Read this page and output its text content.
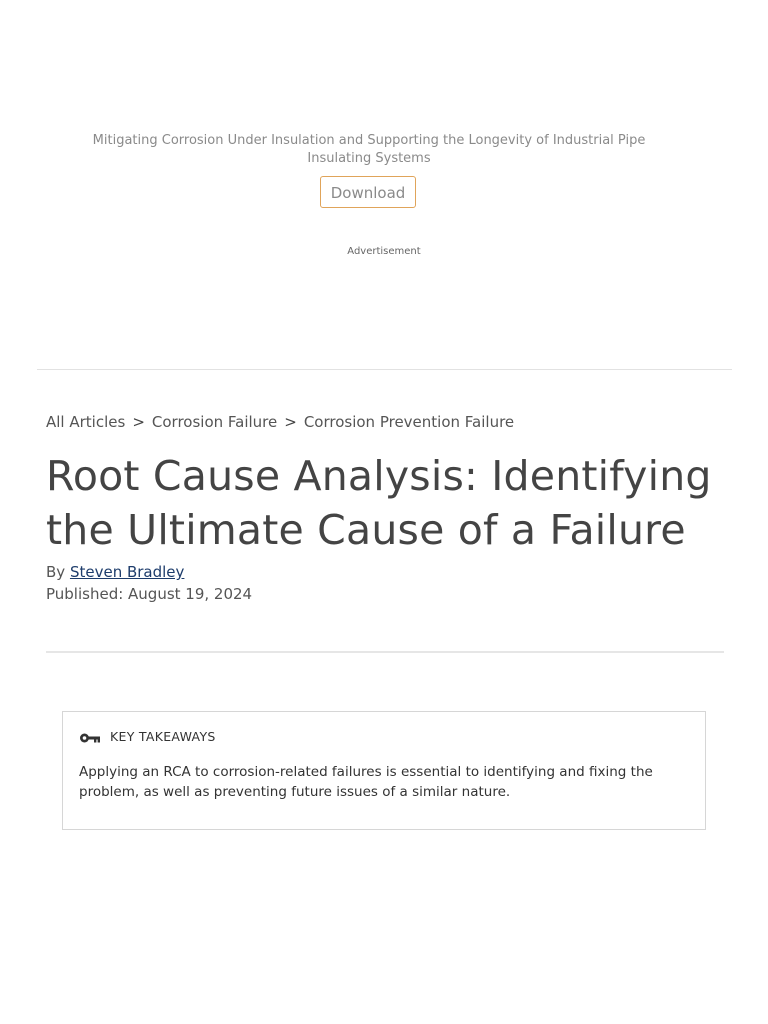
Mitigating Corrosion Under Insulation and Supporting the Longevity of Industrial Pipe Insulating Systems
Download
Advertisement
All Articles > Corrosion Failure > Corrosion Prevention Failure
Root Cause Analysis: Identifying the Ultimate Cause of a Failure
By Steven Bradley
Published: August 19, 2024
KEY TAKEAWAYS

Applying an RCA to corrosion-related failures is essential to identifying and fixing the problem, as well as preventing future issues of a similar nature.
